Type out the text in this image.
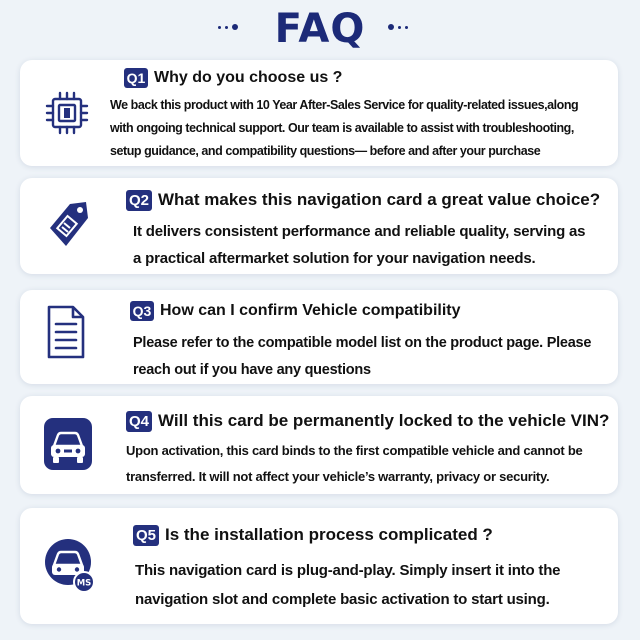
FAQ
Q1 Why do you choose us ?
We back this product with 10 Year After-Sales Service for quality-related issues,along
with ongoing technical support. Our team is available to assist with troubleshooting,
setup guidance, and compatibility questions— before and after your purchase
Q2 What makes this navigation card a great value choice?
It delivers consistent performance and reliable quality, serving as
a practical aftermarket solution for your navigation needs.
Q3 How can I confirm Vehicle compatibility
Please refer to the compatible model list on the product page. Please
reach out if you have any questions
Q4 Will this card be permanently locked to the vehicle VIN?
Upon activation, this card binds to the first compatible vehicle and cannot be
transferred. It will not affect your vehicle’s warranty, privacy or security.
MS
Q5 Is the installation process complicated ?
This navigation card is plug-and-play. Simply insert it into the
navigation slot and complete basic activation to start using.
